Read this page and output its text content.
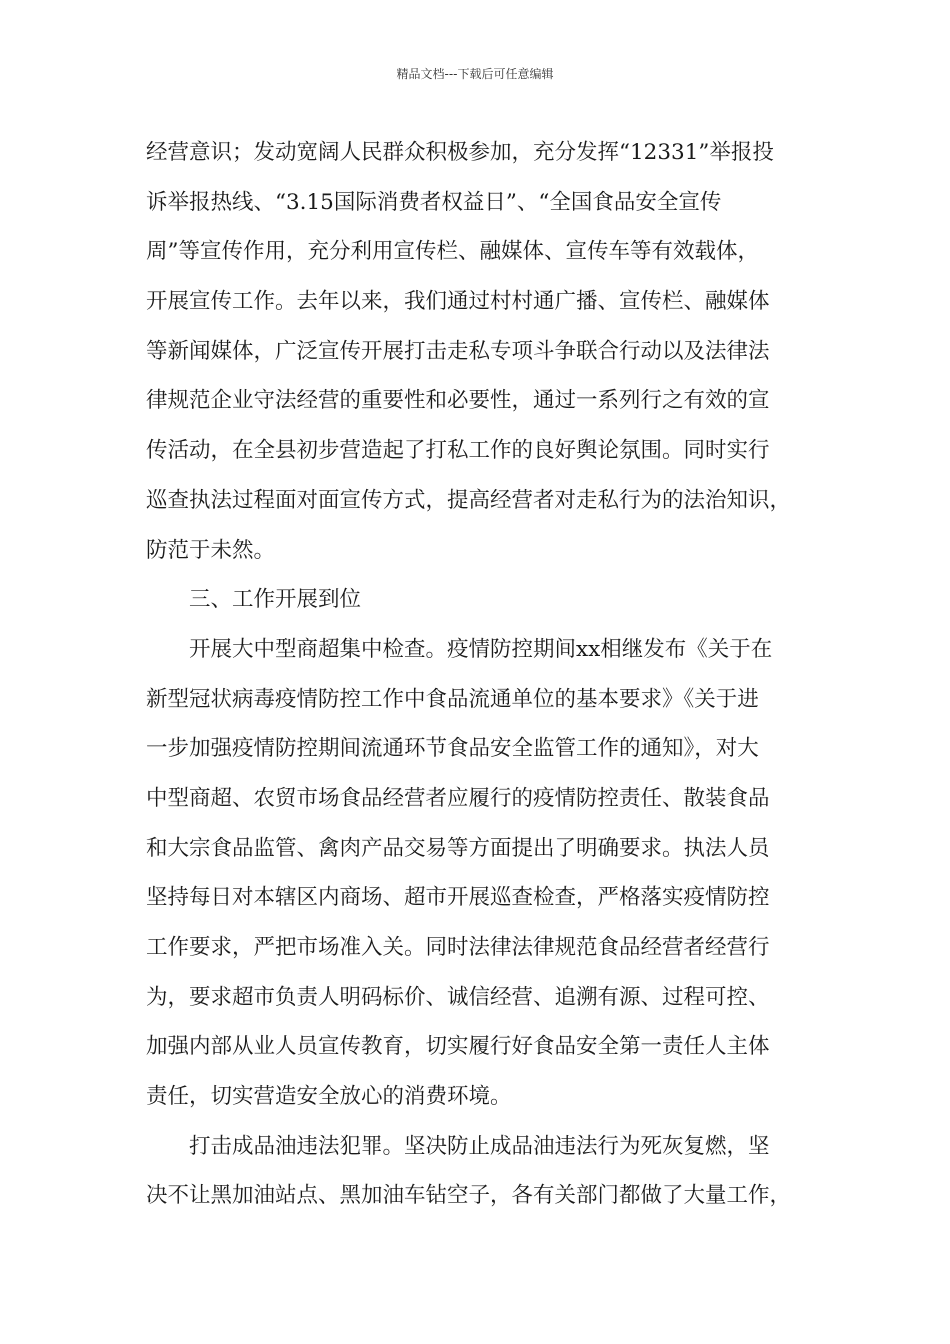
精品文档---下载后可任意编辑
经营意识；发动宽阔人民群众积极参加，充分发挥“12331”举报投
诉举报热线、“3.15国际消费者权益日”、“全国食品安全宣传
周”等宣传作用，充分利用宣传栏、融媒体、宣传车等有效载体，
开展宣传工作。去年以来，我们通过村村通广播、宣传栏、融媒体
等新闻媒体，广泛宣传开展打击走私专项斗争联合行动以及法律法
律规范企业守法经营的重要性和必要性，通过一系列行之有效的宣
传活动，在全县初步营造起了打私工作的良好舆论氛围。同时实行
巡查执法过程面对面宣传方式，提高经营者对走私行为的法治知识，
防范于未然。
三、工作开展到位
开展大中型商超集中检查。疫情防控期间xx相继发布《关于在
新型冠状病毒疫情防控工作中食品流通单位的基本要求》《关于进
一步加强疫情防控期间流通环节食品安全监管工作的通知》，对大
中型商超、农贸市场食品经营者应履行的疫情防控责任、散装食品
和大宗食品监管、禽肉产品交易等方面提出了明确要求。执法人员
坚持每日对本辖区内商场、超市开展巡查检查，严格落实疫情防控
工作要求，严把市场准入关。同时法律法律规范食品经营者经营行
为，要求超市负责人明码标价、诚信经营、追溯有源、过程可控、
加强内部从业人员宣传教育，切实履行好食品安全第一责任人主体
责任，切实营造安全放心的消费环境。
打击成品油违法犯罪。坚决防止成品油违法行为死灰复燃，坚
决不让黑加油站点、黑加油车钻空子，各有关部门都做了大量工作，
